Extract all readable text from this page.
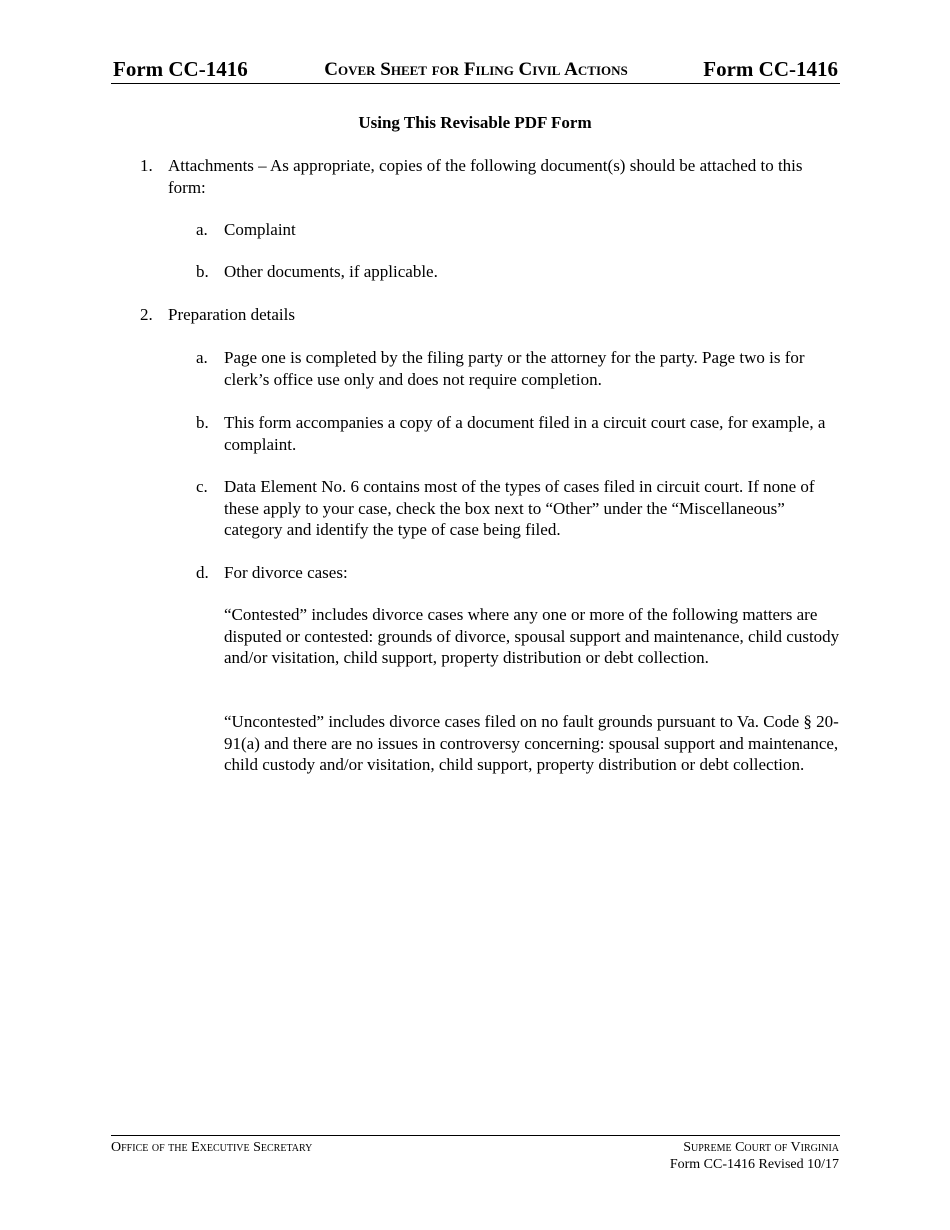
Form CC-1416	Cover Sheet for Filing Civil Actions	Form CC-1416
Using This Revisable PDF Form
1. Attachments – As appropriate, copies of the following document(s) should be attached to this form:
a. Complaint
b. Other documents, if applicable.
2. Preparation details
a. Page one is completed by the filing party or the attorney for the party. Page two is for clerk’s office use only and does not require completion.
b. This form accompanies a copy of a document filed in a circuit court case, for example, a complaint.
c. Data Element No. 6 contains most of the types of cases filed in circuit court. If none of these apply to your case, check the box next to “Other” under the “Miscellaneous” category and identify the type of case being filed.
d. For divorce cases:
“Contested” includes divorce cases where any one or more of the following matters are disputed or contested: grounds of divorce, spousal support and maintenance, child custody and/or visitation, child support, property distribution or debt collection.
“Uncontested” includes divorce cases filed on no fault grounds pursuant to Va. Code § 20-91(a) and there are no issues in controversy concerning: spousal support and maintenance, child custody and/or visitation, child support, property distribution or debt collection.
Office of the Executive Secretary	Supreme Court of Virginia
Form CC-1416 Revised 10/17
